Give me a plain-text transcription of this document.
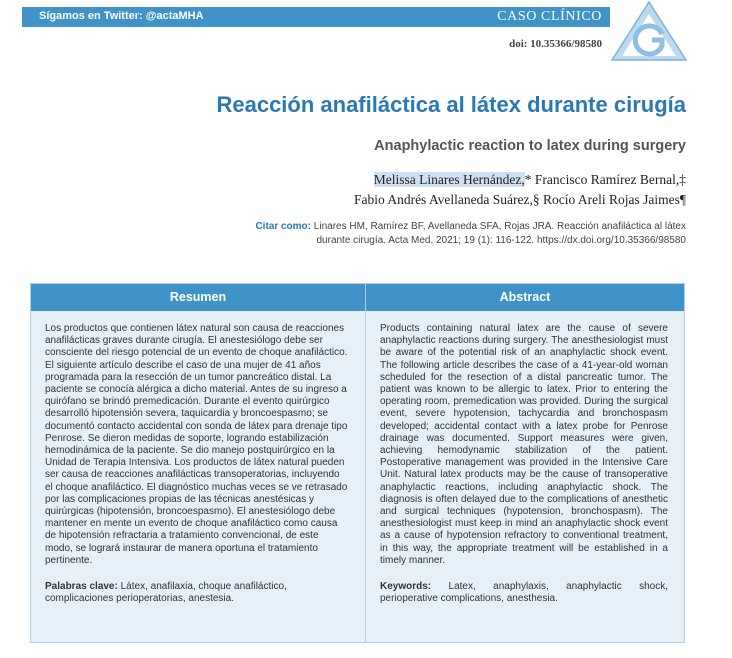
Sígamos en Twitter: @actaMHA	CASO CLÍNICO
doi: 10.35366/98580
Reacción anafiláctica al látex durante cirugía
Anaphylactic reaction to latex during surgery
Melissa Linares Hernández,* Francisco Ramírez Bernal,‡
Fabio Andrés Avellaneda Suárez,§ Rocío Areli Rojas Jaimes¶
Citar como: Linares HM, Ramírez BF, Avellaneda SFA, Rojas JRA. Reacción anafiláctica al látex durante cirugía. Acta Med. 2021; 19 (1): 116-122. https://dx.doi.org/10.35366/98580
Resumen
Los productos que contienen látex natural son causa de reacciones anafilácticas graves durante cirugía. El anestesiólogo debe ser consciente del riesgo potencial de un evento de choque anafiláctico. El siguiente artículo describe el caso de una mujer de 41 años programada para la resección de un tumor pancreático distal. La paciente se conocía alérgica a dicho material. Antes de su ingreso a quirófano se brindó premedicación. Durante el evento quirúrgico desarrolló hipotensión severa, taquicardia y broncoespasmo; se documentó contacto accidental con sonda de látex para drenaje tipo Penrose. Se dieron medidas de soporte, logrando estabilización hemodinámica de la paciente. Se dio manejo postquirúrgico en la Unidad de Terapia Intensiva. Los productos de látex natural pueden ser causa de reacciones anafilácticas transoperatorias, incluyendo el choque anafiláctico. El diagnóstico muchas veces se ve retrasado por las complicaciones propias de las técnicas anestésicas y quirúrgicas (hipotensión, broncoespasmo). El anestesiólogo debe mantener en mente un evento de choque anafiláctico como causa de hipotensión refractaria a tratamiento convencional, de este modo, se logrará instaurar de manera oportuna el tratamiento pertinente.
Palabras clave: Látex, anafilaxia, choque anafiláctico, complicaciones perioperatorias, anestesia.
Abstract
Products containing natural latex are the cause of severe anaphylactic reactions during surgery. The anesthesiologist must be aware of the potential risk of an anaphylactic shock event. The following article describes the case of a 41-year-old woman scheduled for the resection of a distal pancreatic tumor. The patient was known to be allergic to latex. Prior to entering the operating room, premedication was provided. During the surgical event, severe hypotension, tachycardia and bronchospasm developed; accidental contact with a latex probe for Penrose drainage was documented. Support measures were given, achieving hemodynamic stabilization of the patient. Postoperative management was provided in the Intensive Care Unit. Natural latex products may be the cause of transoperative anaphylactic reactions, including anaphylactic shock. The diagnosis is often delayed due to the complications of anesthetic and surgical techniques (hypotension, bronchospasm). The anesthesiologist must keep in mind an anaphylactic shock event as a cause of hypotension refractory to conventional treatment, in this way, the appropriate treatment will be established in a timely manner.
Keywords: Latex, anaphylaxis, anaphylactic shock, perioperative complications, anesthesia.
